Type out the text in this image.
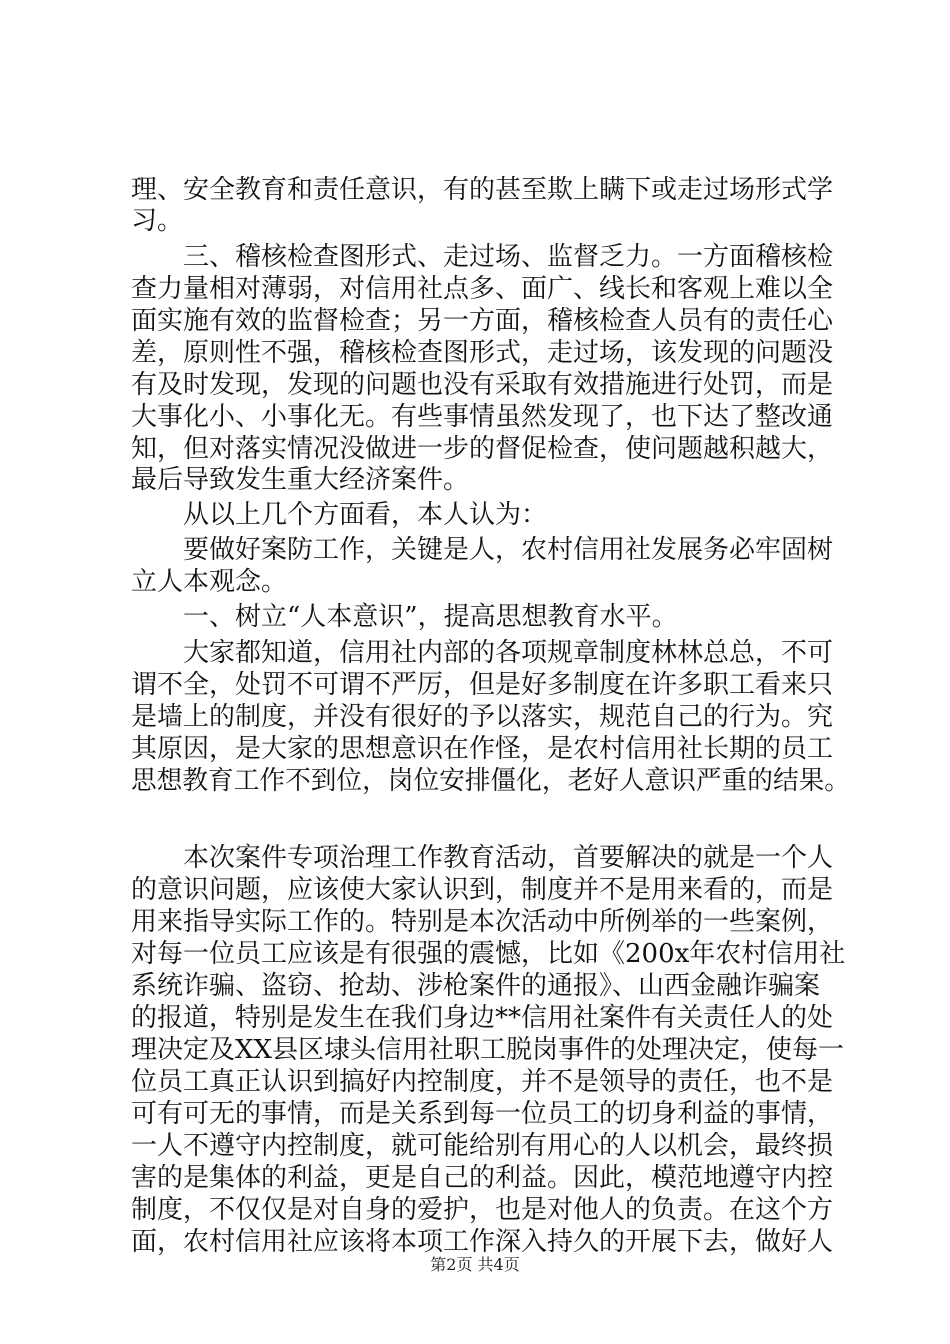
理、安全教育和责任意识，有的甚至欺上瞒下或走过场形式学
习。
　　三、稽核检查图形式、走过场、监督乏力。一方面稽核检
查力量相对薄弱，对信用社点多、面广、线长和客观上难以全
面实施有效的监督检查；另一方面，稽核检查人员有的责任心
差，原则性不强，稽核检查图形式，走过场，该发现的问题没
有及时发现，发现的问题也没有采取有效措施进行处罚，而是
大事化小、小事化无。有些事情虽然发现了，也下达了整改通
知，但对落实情况没做进一步的督促检查，使问题越积越大，
最后导致发生重大经济案件。
　　从以上几个方面看，本人认为：
　　要做好案防工作，关键是人，农村信用社发展务必牢固树
立人本观念。
　　一、树立“人本意识”，提高思想教育水平。
　　大家都知道，信用社内部的各项规章制度林林总总，不可
谓不全，处罚不可谓不严厉，但是好多制度在许多职工看来只
是墙上的制度，并没有很好的予以落实，规范自己的行为。究
其原因，是大家的思想意识在作怪，是农村信用社长期的员工
思想教育工作不到位，岗位安排僵化，老好人意识严重的结果。
　　本次案件专项治理工作教育活动，首要解决的就是一个人
的意识问题，应该使大家认识到，制度并不是用来看的，而是
用来指导实际工作的。特别是本次活动中所例举的一些案例，
对每一位员工应该是有很强的震憾，比如《200x年农村信用社
系统诈骗、盗窃、抢劫、涉枪案件的通报》、山西金融诈骗案
的报道，特别是发生在我们身边**信用社案件有关责任人的处
理决定及XX县区埭头信用社职工脱岗事件的处理决定，使每一
位员工真正认识到搞好内控制度，并不是领导的责任，也不是
可有可无的事情，而是关系到每一位员工的切身利益的事情，
一人不遵守内控制度，就可能给别有用心的人以机会，最终损
害的是集体的利益，更是自己的利益。因此，模范地遵守内控
制度，不仅仅是对自身的爱护，也是对他人的负责。在这个方
面，农村信用社应该将本项工作深入持久的开展下去，做好人
第2页 共4页
